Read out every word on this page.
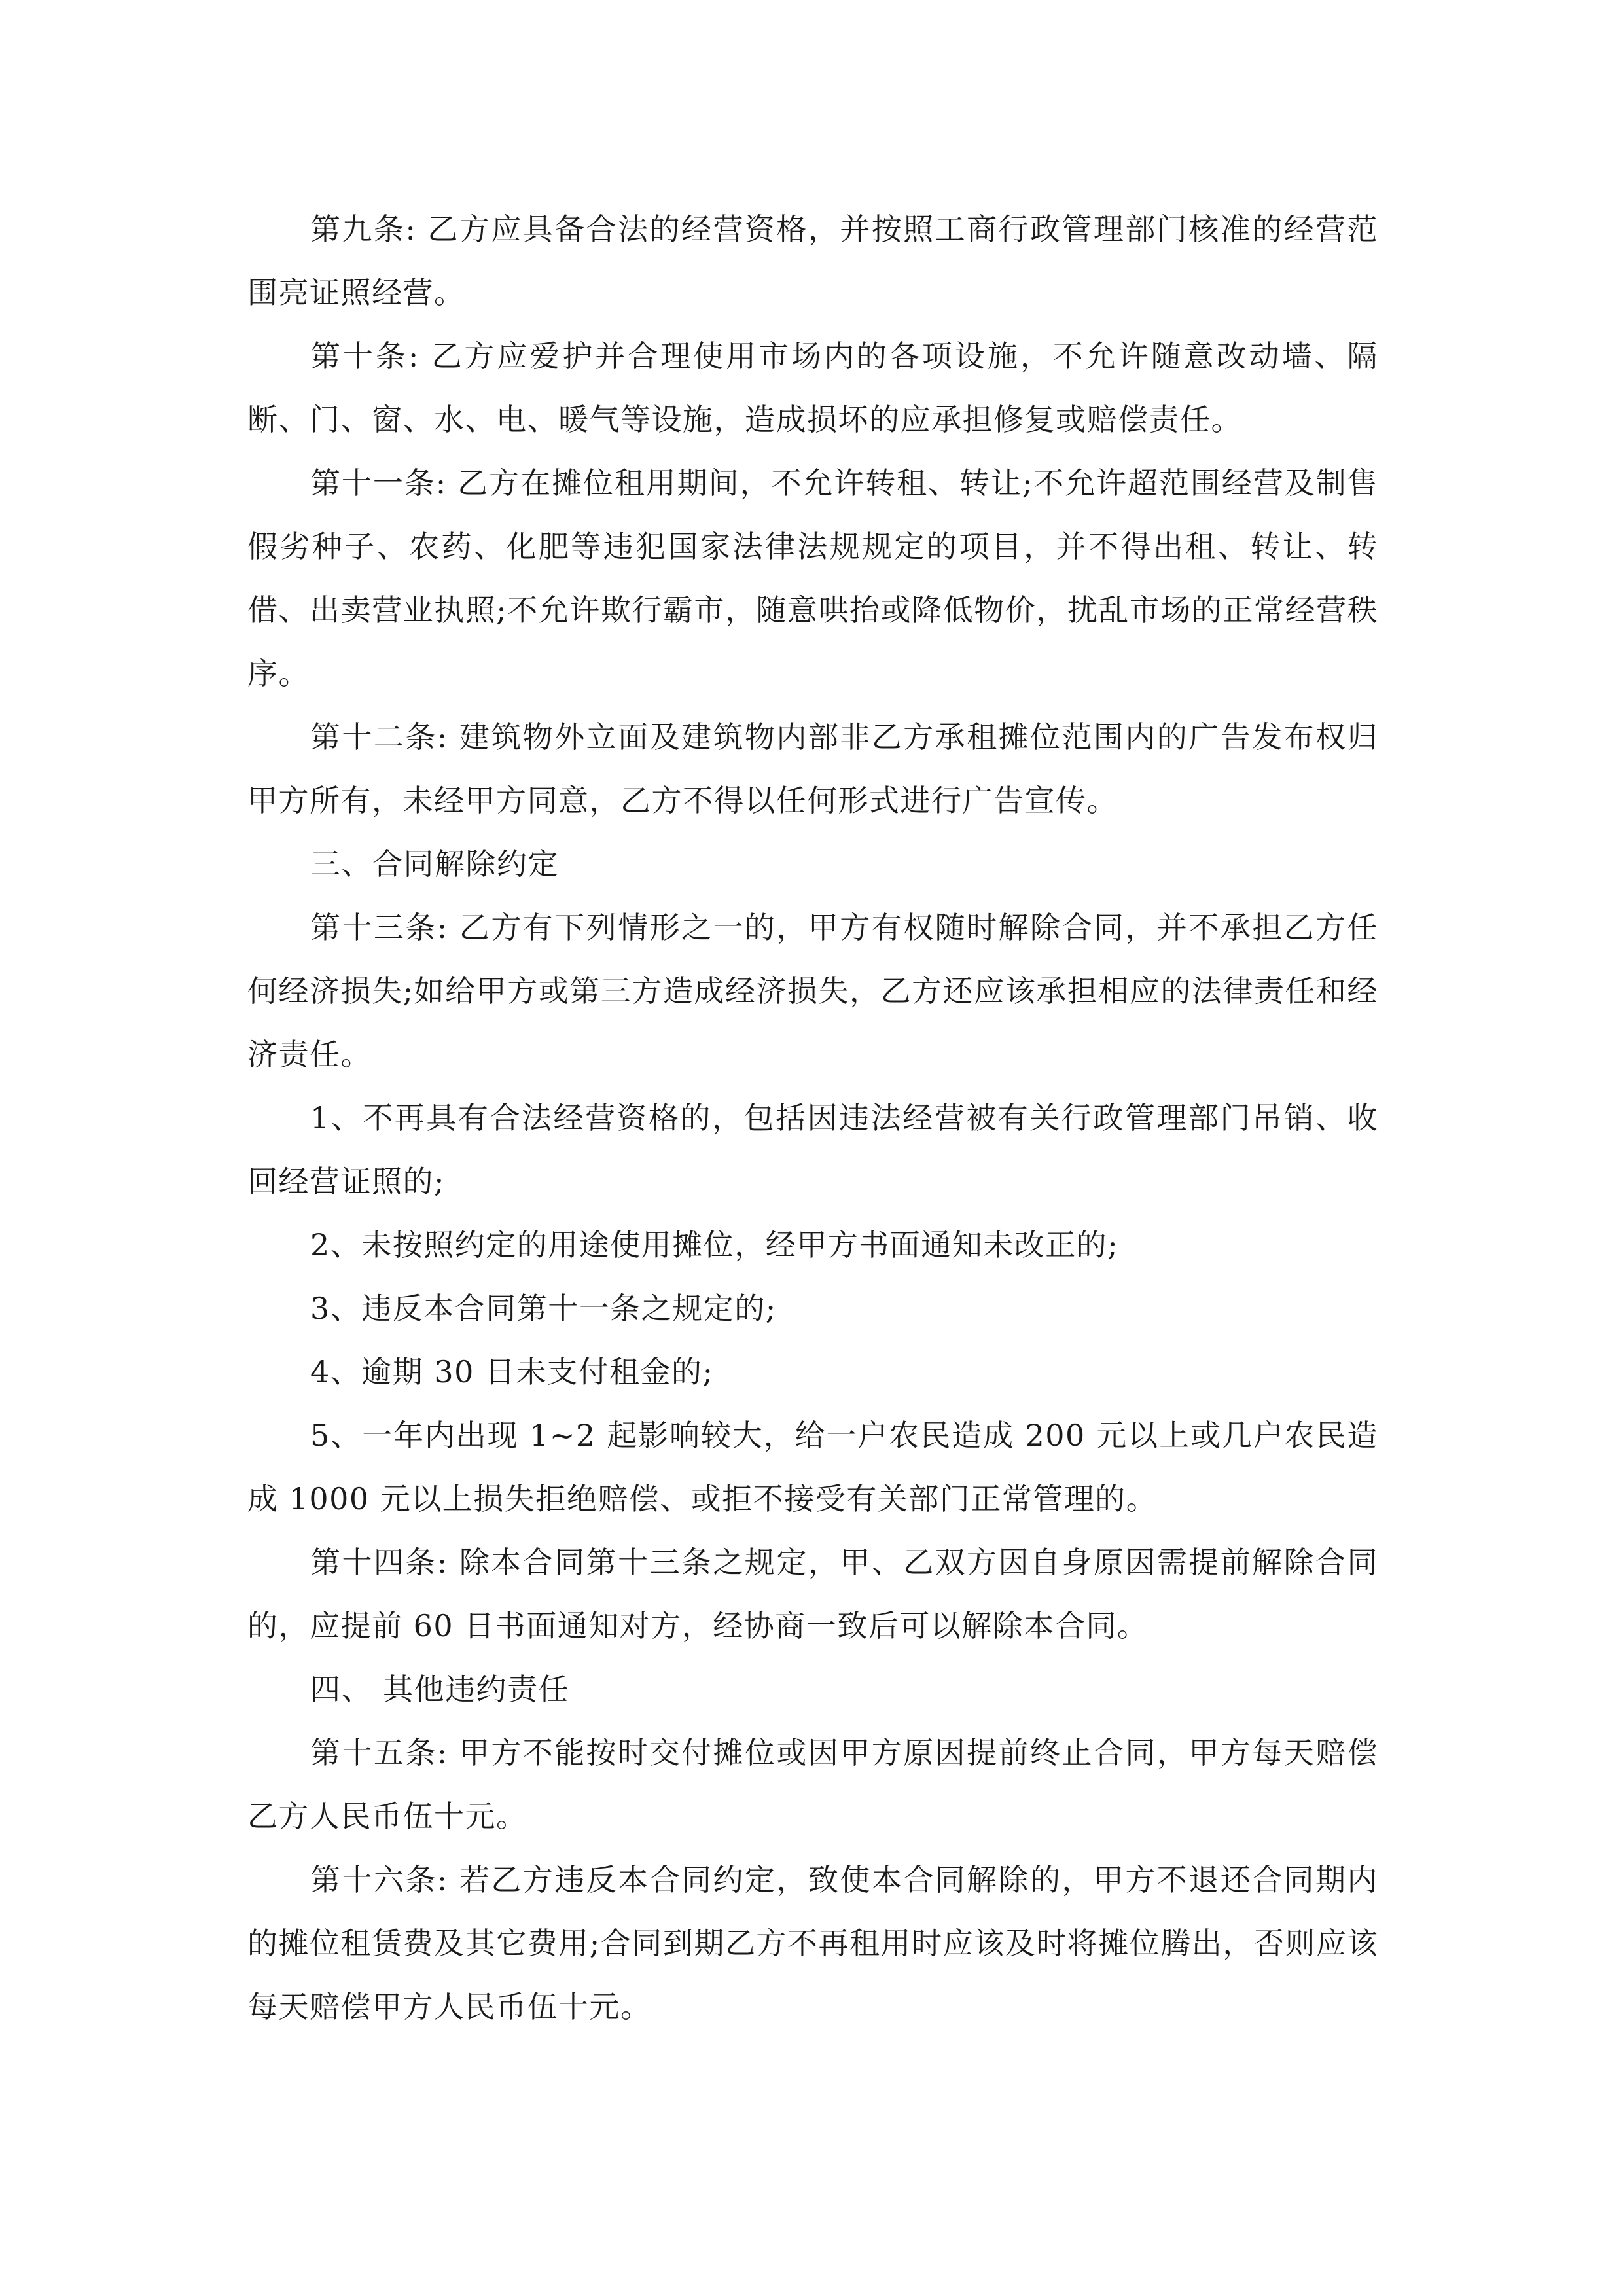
第九条: 乙方应具备合法的经营资格，并按照工商行政管理部门核准的经营范围亮证照经营。

第十条: 乙方应爱护并合理使用市场内的各项设施，不允许随意改动墙、隔断、门、窗、水、电、暖气等设施，造成损坏的应承担修复或赔偿责任。

第十一条: 乙方在摊位租用期间，不允许转租、转让;不允许超范围经营及制售假劣种子、农药、化肥等违犯国家法律法规规定的项目，并不得出租、转让、转借、出卖营业执照;不允许欺行霸市，随意哄抬或降低物价，扰乱市场的正常经营秩序。

第十二条: 建筑物外立面及建筑物内部非乙方承租摊位范围内的广告发布权归甲方所有，未经甲方同意，乙方不得以任何形式进行广告宣传。

三、合同解除约定

第十三条: 乙方有下列情形之一的，甲方有权随时解除合同，并不承担乙方任何经济损失;如给甲方或第三方造成经济损失，乙方还应该承担相应的法律责任和经济责任。

1、不再具有合法经营资格的，包括因违法经营被有关行政管理部门吊销、收回经营证照的;

2、未按照约定的用途使用摊位，经甲方书面通知未改正的;

3、违反本合同第十一条之规定的;

4、逾期 30 日未支付租金的;

5、一年内出现 1~2 起影响较大，给一户农民造成 200 元以上或几户农民造成 1000 元以上损失拒绝赔偿、或拒不接受有关部门正常管理的。

第十四条: 除本合同第十三条之规定，甲、乙双方因自身原因需提前解除合同的，应提前 60 日书面通知对方，经协商一致后可以解除本合同。

四、 其他违约责任

第十五条: 甲方不能按时交付摊位或因甲方原因提前终止合同，甲方每天赔偿乙方人民币伍十元。

第十六条: 若乙方违反本合同约定，致使本合同解除的，甲方不退还合同期内的摊位租赁费及其它费用;合同到期乙方不再租用时应该及时将摊位腾出，否则应该每天赔偿甲方人民币伍十元。
